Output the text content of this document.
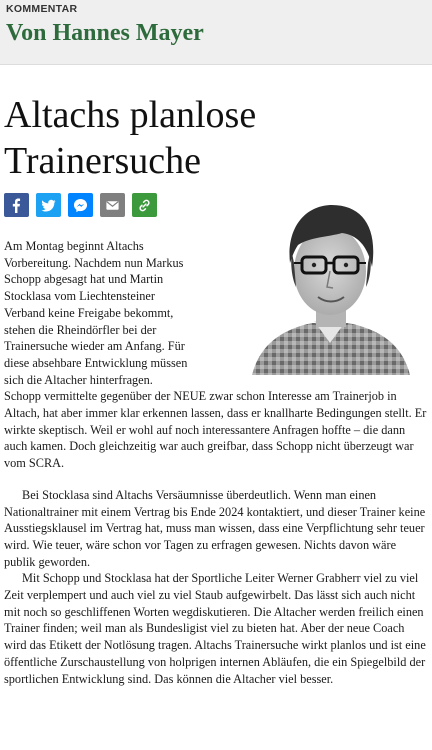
KOMMENTAR
Von Hannes Mayer
Altachs planlose Trainersuche

Am Montag beginnt Altachs Vorbereitung. Nachdem nun Markus Schopp abgesagt hat und Martin Stocklasa vom Liechtensteiner Verband keine Freigabe bekommt, stehen die Rheindörfler bei der Trainersuche wieder am Anfang. Für diese absehbare Entwicklung müssen sich die Altacher hinterfragen. Schopp vermittelte gegenüber der NEUE zwar schon Interesse am Trainerjob in Altach, hat aber immer klar erkennen lassen, dass er knallharte Bedingungen stellt. Er wirkte skeptisch. Weil er wohl auf noch interessantere Anfragen hoffte – die dann auch kamen. Doch gleichzeitig war auch greifbar, dass Schopp nicht überzeugt war vom SCRA.

Bei Stocklasa sind Altachs Versäumnisse überdeutlich. Wenn man einen Nationaltrainer mit einem Vertrag bis Ende 2024 kontaktiert, und dieser Trainer keine Ausstiegsklausel im Vertrag hat, muss man wissen, dass eine Verpflichtung sehr teuer wird. Wie teuer, wäre schon vor Tagen zu erfragen gewesen. Nichts davon wäre publik geworden.

Mit Schopp und Stocklasa hat der Sportliche Leiter Werner Grabherr viel zu viel Zeit verplempert und auch viel zu viel Staub aufgewirbelt. Das lässt sich auch nicht mit noch so geschliffenen Worten wegdiskutieren. Die Altacher werden freilich einen Trainer finden; weil man als Bundesligist viel zu bieten hat. Aber der neue Coach wird das Etikett der Notlösung tragen. Altachs Trainersuche wirkt planlos und ist eine öffentliche Zurschaustellung von holprigen internen Abläufen, die ein Spiegelbild der sportlichen Entwicklung sind. Das können die Altacher viel besser.
